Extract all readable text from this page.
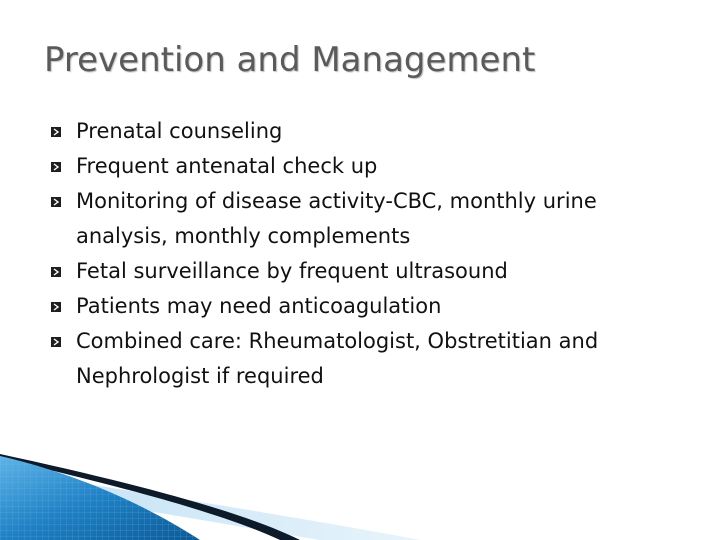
Prevention and Management
Prenatal counseling
Frequent antenatal check up
Monitoring of disease activity-CBC, monthly urine analysis, monthly complements
Fetal surveillance by frequent ultrasound
Patients may need anticoagulation
Combined care: Rheumatologist, Obstretitian and Nephrologist if required
